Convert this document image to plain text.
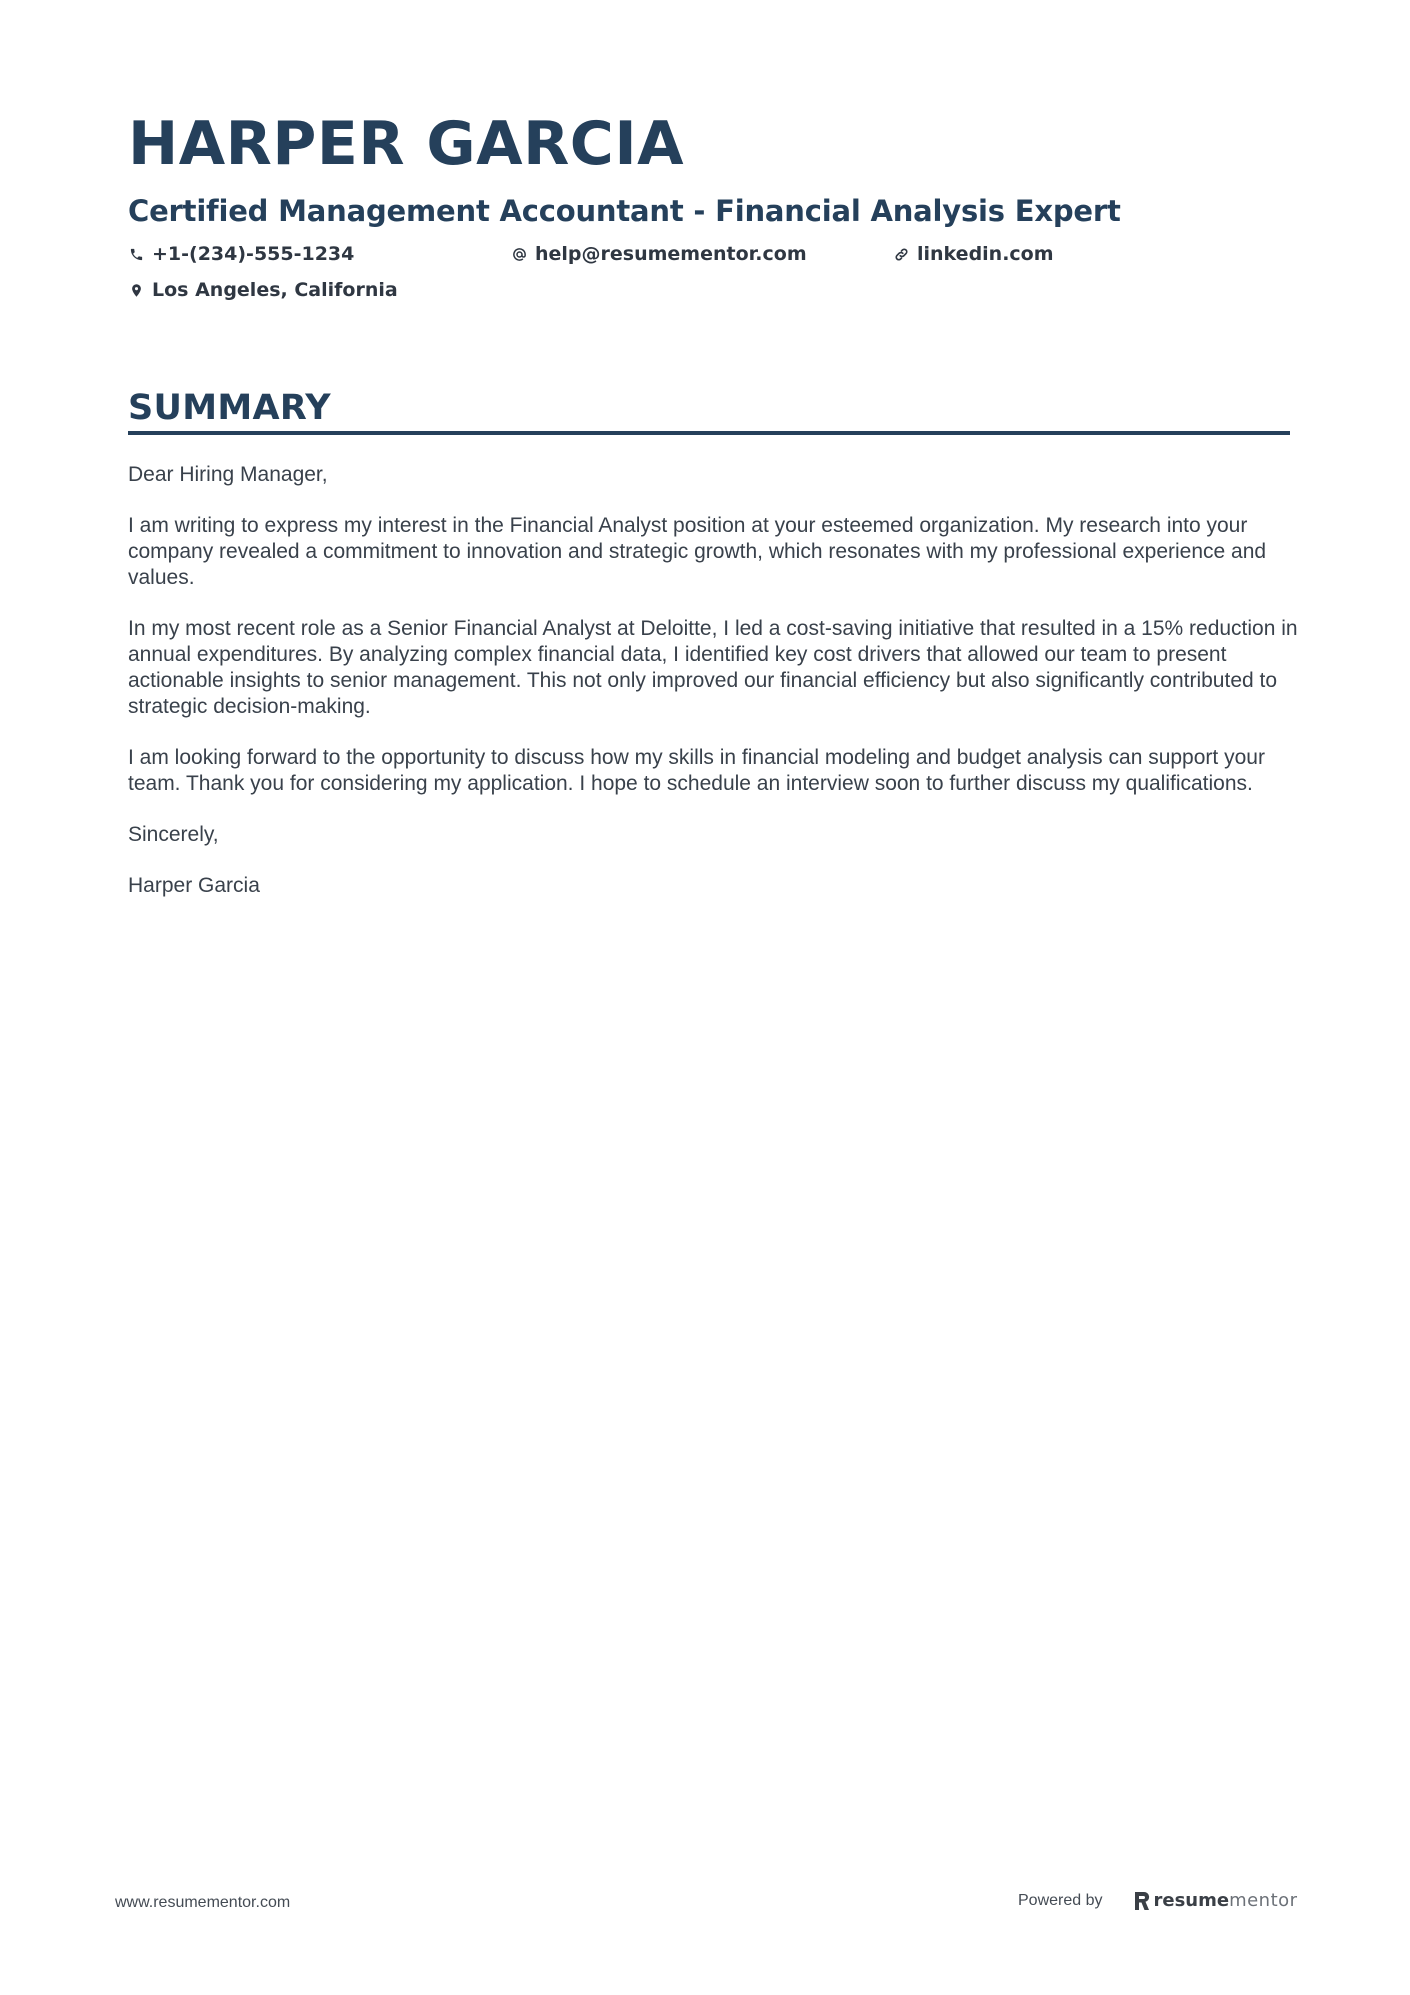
HARPER GARCIA
Certified Management Accountant - Financial Analysis Expert
+1-(234)-555-1234	help@resumementor.com	linkedin.com
Los Angeles, California
SUMMARY

Dear Hiring Manager,

I am writing to express my interest in the Financial Analyst position at your esteemed organization. My research into your company revealed a commitment to innovation and strategic growth, which resonates with my professional experience and values.

In my most recent role as a Senior Financial Analyst at Deloitte, I led a cost-saving initiative that resulted in a 15% reduction in annual expenditures. By analyzing complex financial data, I identified key cost drivers that allowed our team to present actionable insights to senior management. This not only improved our financial efficiency but also significantly contributed to strategic decision-making.

I am looking forward to the opportunity to discuss how my skills in financial modeling and budget analysis can support your team. Thank you for considering my application. I hope to schedule an interview soon to further discuss my qualifications.

Sincerely,

Harper Garcia

www.resumementor.com	Powered by	resume mentor
